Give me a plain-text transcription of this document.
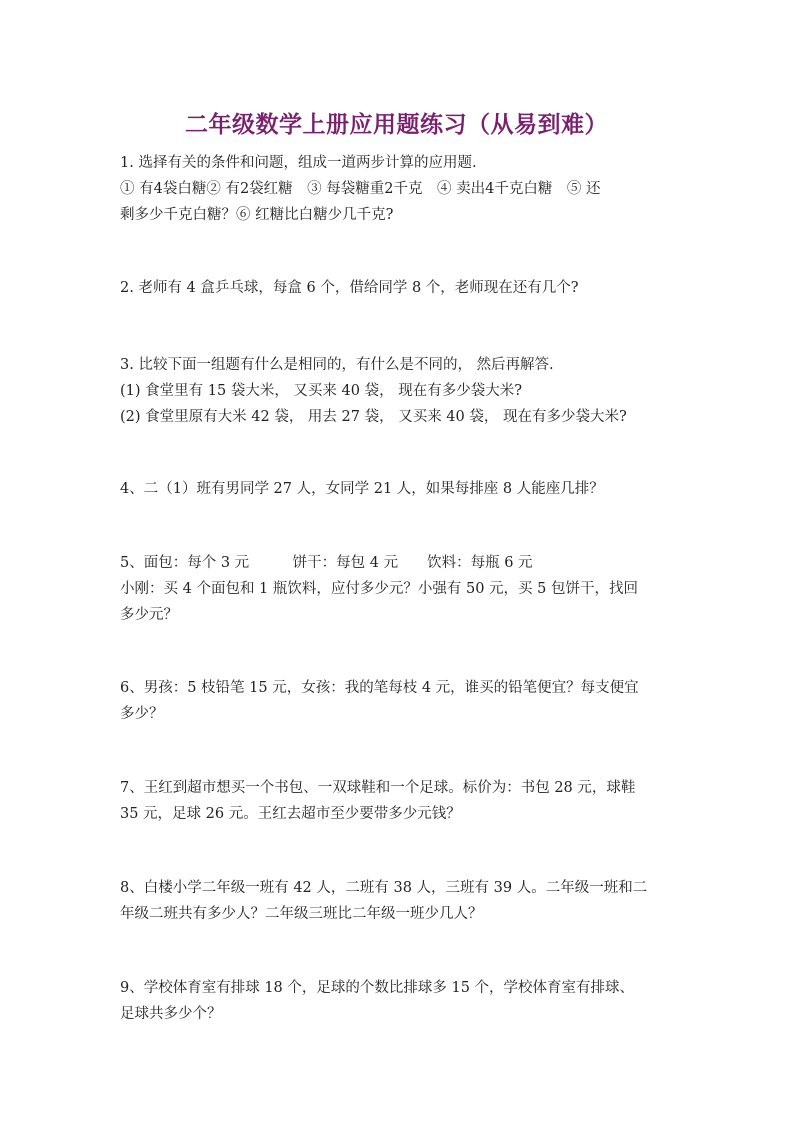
二年级数学上册应用题练习（从易到难）
1. 选择有关的条件和问题，组成一道两步计算的应用题.
① 有4袋白糖② 有2袋红糖　③ 每袋糖重2千克　④ 卖出4千克白糖　⑤ 还
剩多少千克白糖？⑥ 红糖比白糖少几千克?
2. 老师有 4 盒乒乓球，每盒 6 个，借给同学 8 个，老师现在还有几个?
3. 比较下面一组题有什么是相同的，有什么是不同的， 然后再解答.
(1) 食堂里有 15 袋大米， 又买来 40 袋， 现在有多少袋大米?
(2) 食堂里原有大米 42 袋， 用去 27 袋， 又买来 40 袋， 现在有多少袋大米?
4、二（1）班有男同学 27 人，女同学 21 人，如果每排座 8 人能座几排？
5、面包：每个 3 元　　　饼干：每包 4 元　　饮料：每瓶 6 元
小刚：买 4 个面包和 1 瓶饮料，应付多少元？小强有 50 元，买 5 包饼干，找回
多少元？
6、男孩：5 枝铅笔 15 元，女孩：我的笔每枝 4 元，谁买的铅笔便宜？每支便宜
多少？
7、王红到超市想买一个书包、一双球鞋和一个足球。标价为：书包 28 元，球鞋
35 元，足球 26 元。王红去超市至少要带多少元钱？
8、白楼小学二年级一班有 42 人，二班有 38 人，三班有 39 人。二年级一班和二
年级二班共有多少人？二年级三班比二年级一班少几人？
9、学校体育室有排球 18 个，足球的个数比排球多 15 个，学校体育室有排球、
足球共多少个？
